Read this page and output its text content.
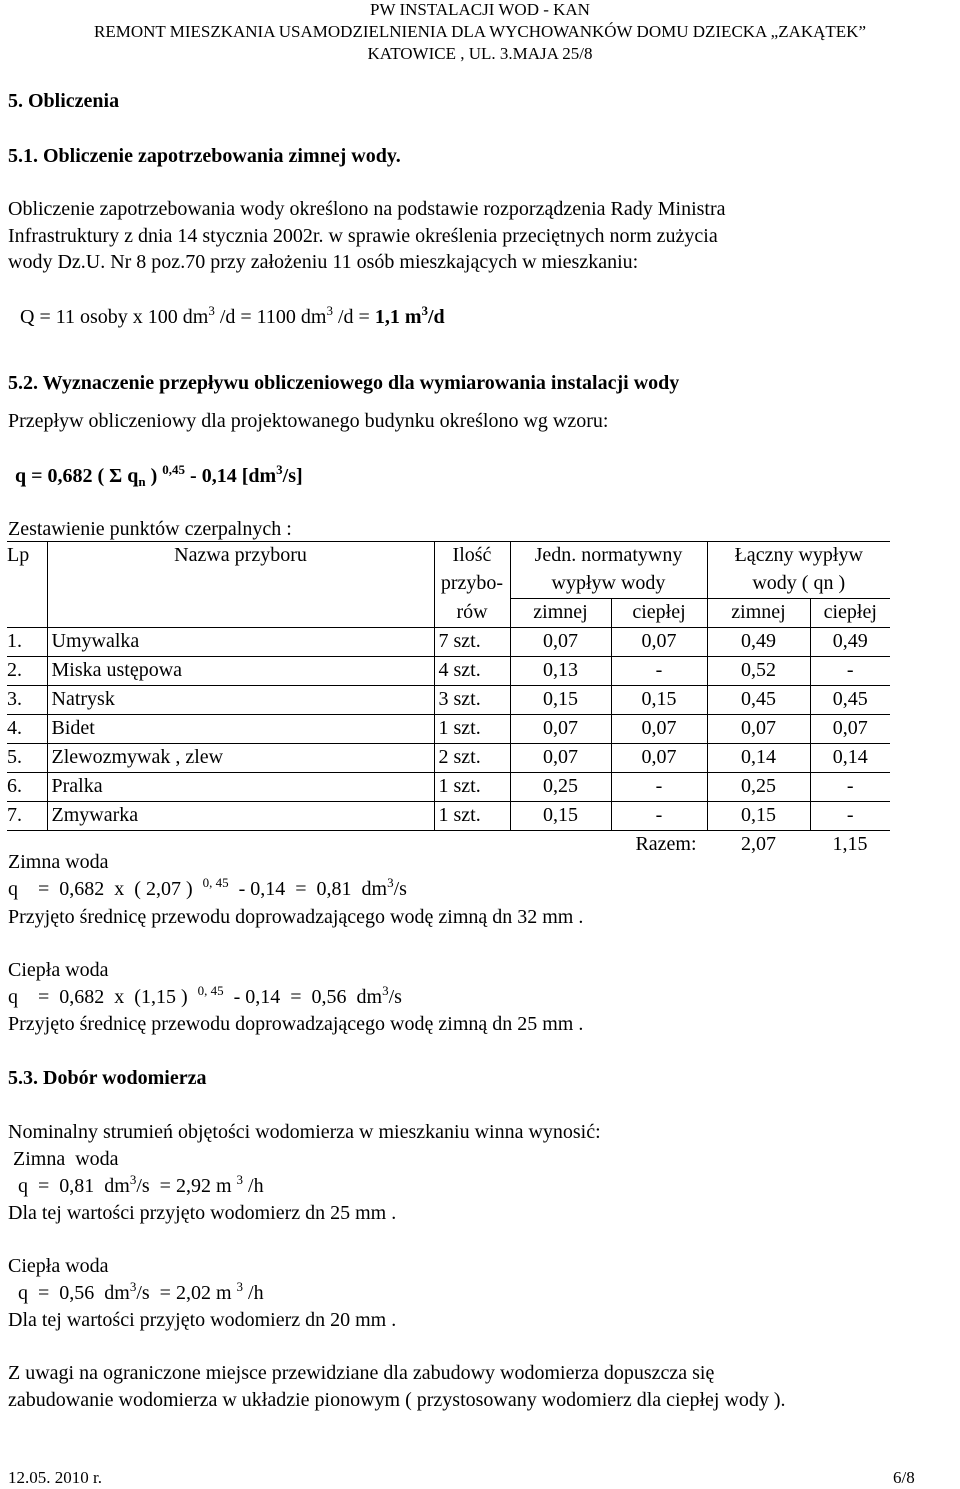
PW INSTALACJI WOD - KAN
REMONT MIESZKANIA USAMODZIELNIENIA DLA WYCHOWANKÓW DOMU DZIECKA „ZAKĄTEK”
KATOWICE , UL. 3.MAJA 25/8
5. Obliczenia
5.1. Obliczenie zapotrzebowania zimnej wody.
Obliczenie zapotrzebowania wody określono na podstawie rozporządzenia Rady Ministra
Infrastruktury z dnia 14 stycznia 2002r. w sprawie określenia przeciętnych norm zużycia
wody Dz.U. Nr 8 poz.70 przy założeniu 11 osób mieszkających w mieszkaniu:
Q = 11 osoby x 100 $dm^3$ /d = 1100 $dm^3$ /d = 1,1 $m^3/d$
5.2. Wyznaczenie przepływu obliczeniowego dla wymiarowania instalacji wody
Przepływ obliczeniowy dla projektowanego budynku określono wg wzoru:
q = 0,682 ( Σ $q_n$ ) $^{0,45}$ - 0,14 $[dm^3/s]$
Zestawienie punktów czerpalnych :
Lp	Nazwa przyboru	Ilość	Jedn. normatywny		Łączny wypływ	
		przybo-	wypływ wody		wody ( qn )	
		rów	zimnej	ciepłej	zimnej	ciepłej
1.	Umywalka	7 szt.	0,07	0,07	0,49	0,49
2.	Miska ustępowa	4 szt.	0,13	-	0,52	-
3.	Natrysk	3 szt.	0,15	0,15	0,45	0,45
4.	Bidet	1 szt.	0,07	0,07	0,07	0,07
5.	Zlewozmywak , zlew	2 szt.	0,07	0,07	0,14	0,14
6.	Pralka	1 szt.	0,25	-	0,25	-
7.	Zmywarka	1 szt.	0,15	-	0,15	-
				Razem:	2,07	1,15
Zimna woda
q    =  0,682  x  ( 2,07 )  $^{0, 45}$  - 0,14  =  0,81  $dm^3/s$
Przyjęto średnicę przewodu doprowadzającego wodę zimną dn 32 mm .
Ciepła woda
q    =  0,682  x  (1,15 )  $^{0, 45}$  - 0,14  =  0,56  $dm^3/s$
Przyjęto średnicę przewodu doprowadzającego wodę zimną dn 25 mm .
5.3. Dobór wodomierza
Nominalny strumień objętości wodomierza w mieszkaniu winna wynosić:
Zimna  woda
q  =  0,81  $dm^3/s = 2,92$ m $^3$ /h
Dla tej wartości przyjęto wodomierz dn 25 mm .
Ciepła woda
q  =  0,56  $dm^3/s = 2,02$ m $^3$ /h
Dla tej wartości przyjęto wodomierz dn 20 mm .
Z uwagi na ograniczone miejsce przewidziane dla zabudowy wodomierza dopuszcza się
zabudowanie wodomierza w układzie pionowym ( przystosowany wodomierz dla ciepłej wody ).
12.05. 2010 r.	6/8
